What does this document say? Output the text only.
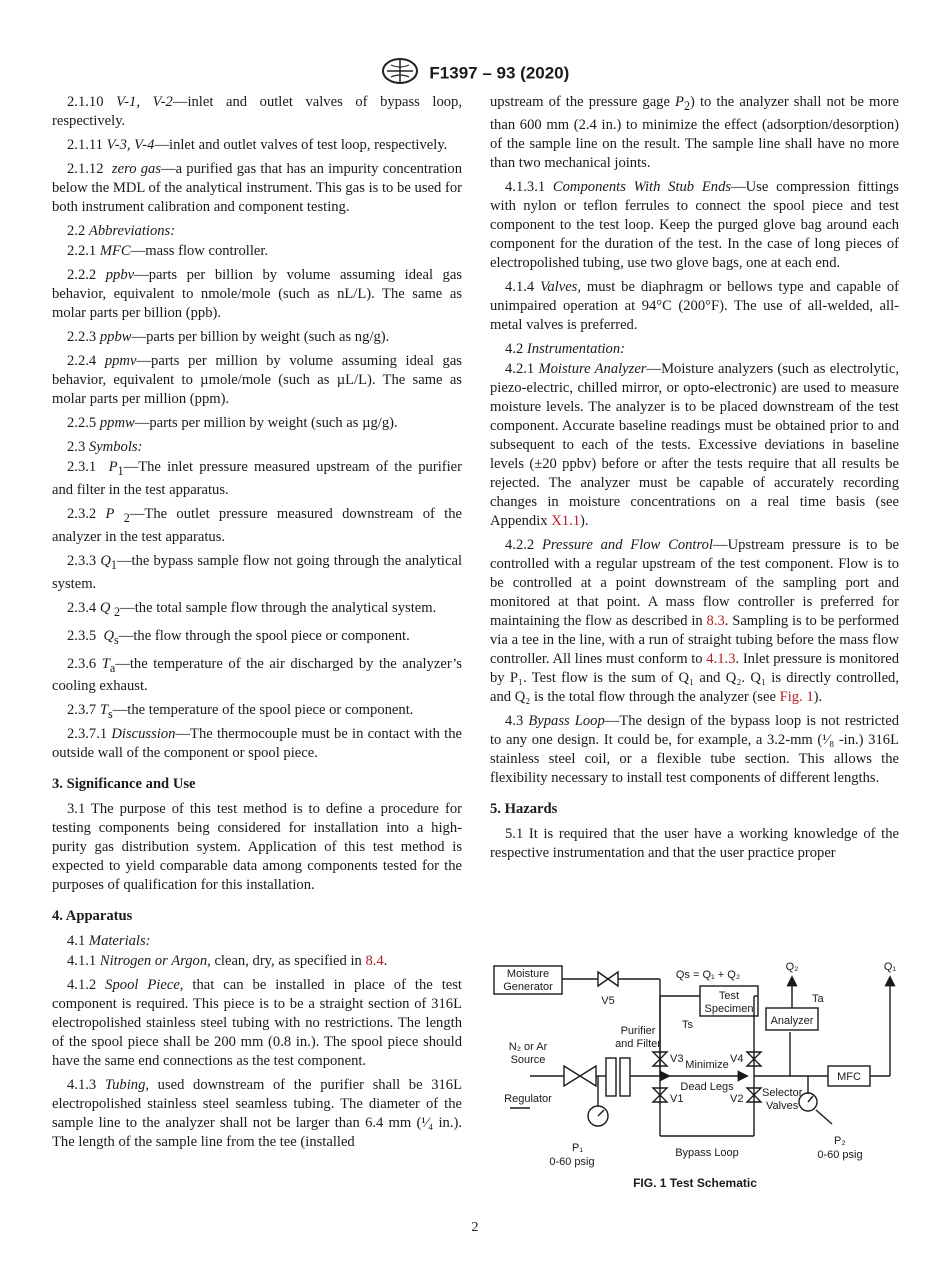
F1397 – 93 (2020)

2.1.10 V-1, V-2—inlet and outlet valves of bypass loop, respectively.

2.1.11 V-3, V-4—inlet and outlet valves of test loop, respectively.

2.1.12 zero gas—a purified gas that has an impurity concentration below the MDL of the analytical instrument. This gas is to be used for both instrument calibration and component testing.

2.2 Abbreviations:

2.2.1 MFC—mass flow controller.

2.2.2 ppbv—parts per billion by volume assuming ideal gas behavior, equivalent to nmole/mole (such as nL/L). The same as molar parts per billion (ppb).

2.2.3 ppbw—parts per billion by weight (such as ng/g).

2.2.4 ppmv—parts per million by volume assuming ideal gas behavior, equivalent to µmole/mole (such as µL/L). The same as molar parts per million (ppm).

2.2.5 ppmw—parts per million by weight (such as µg/g).

2.3 Symbols:

2.3.1 $P_1—The$ inlet pressure measured upstream of the purifier and filter in the test apparatus.

2.3.2 P $_2$—The outlet pressure measured downstream of the analyzer in the test apparatus.

2.3.3 $Q_1—the$ bypass sample flow not going through the analytical system.

2.3.4 Q $_2$—the total sample flow through the analytical system.

2.3.5 $Q_s—the$ flow through the spool piece or component.

2.3.6 $T_a—the$ temperature of the air discharged by the analyzer’s cooling exhaust.

2.3.7 $T_s—the$ temperature of the spool piece or component.

2.3.7.1 Discussion—The thermocouple must be in contact with the outside wall of the component or spool piece.

3. Significance and Use

3.1 The purpose of this test method is to define a procedure for testing components being considered for installation into a high-purity gas distribution system. Application of this test method is expected to yield comparable data among components tested for the purposes of qualification for this installation.

4. Apparatus

4.1 Materials:

4.1.1 Nitrogen or Argon, clean, dry, as specified in 8.4.

4.1.2 Spool Piece, that can be installed in place of the test component is required. This piece is to be a straight section of 316L electropolished stainless steel tubing with no restrictions. The length of the spool piece shall be 200 mm (0.8 in.). The spool piece should have the same end connections as the test component.

4.1.3 Tubing, used downstream of the purifier shall be 316L electropolished stainless steel seamless tubing. The diameter of the sample line to the analyzer shall not be larger than 6.4 mm (¹⁄₄ in.). The length of the sample line from the tee (installed

upstream of the pressure gage $P_2$) to the analyzer shall not be more than 600 mm (2.4 in.) to minimize the effect (adsorption/desorption) of the sample line on the result. The sample line shall have no more than two mechanical joints.

4.1.3.1 Components With Stub Ends—Use compression fittings with nylon or teflon ferrules to connect the spool piece and test component to the test loop. Keep the purged glove bag around each component for the duration of the test. In the case of long pieces of electropolished tubing, use two glove bags, one at each end.

4.1.4 Valves, must be diaphragm or bellows type and capable of unimpaired operation at 94°C (200°F). The use of all-welded, all-metal valves is preferred.

4.2 Instrumentation:

4.2.1 Moisture Analyzer—Moisture analyzers (such as electrolytic, piezo-electric, chilled mirror, or opto-electronic) are used to measure moisture levels. The analyzer is to be placed downstream of the test component. Accurate baseline readings must be obtained prior to and subsequent to each of the tests. Excessive deviations in baseline levels (±20 ppbv) before or after the tests require that all results be rejected. The analyzer must be capable of accurately recording changes in moisture concentrations on a real time basis (see Appendix X1.1).

4.2.2 Pressure and Flow Control—Upstream pressure is to be controlled with a regular upstream of the test component. Flow is to be controlled at a point downstream of the sampling port and monitored at that point. A mass flow controller is preferred for maintaining the flow as described in 8.3. Sampling is to be performed via a tee in the line, with a run of straight tubing before the mass flow controller. All lines must conform to 4.1.3. Inlet pressure is monitored by P₁. Test flow is the sum of Q₁ and Q₂. Q₁ is directly controlled, and Q₂ is the total flow through the analyzer (see Fig. 1).

4.3 Bypass Loop—The design of the bypass loop is not restricted to any one design. It could be, for example, a 3.2-mm (¹⁄₈ -in.) 316L stainless steel coil, or a flexible tube section. This allows the flexibility necessary to install test components of different lengths.

5. Hazards

5.1 It is required that the user have a working knowledge of the respective instrumentation and that the user practice proper

Moisture
Generator
V5
Qs = Q₁ + Q₂
Test
Specimen
Ts
Q₂	Q₁
Ta
Analyzer
Purifier
and Filter
N₂ or Ar
Source	V3	V4
Minimize
Dead Legs
MFC
Regulator	V1	V2 Selector
Valves
P₁
0-60 psig
P₂
0-60 psig
Bypass Loop
FIG. 1 Test Schematic
2
